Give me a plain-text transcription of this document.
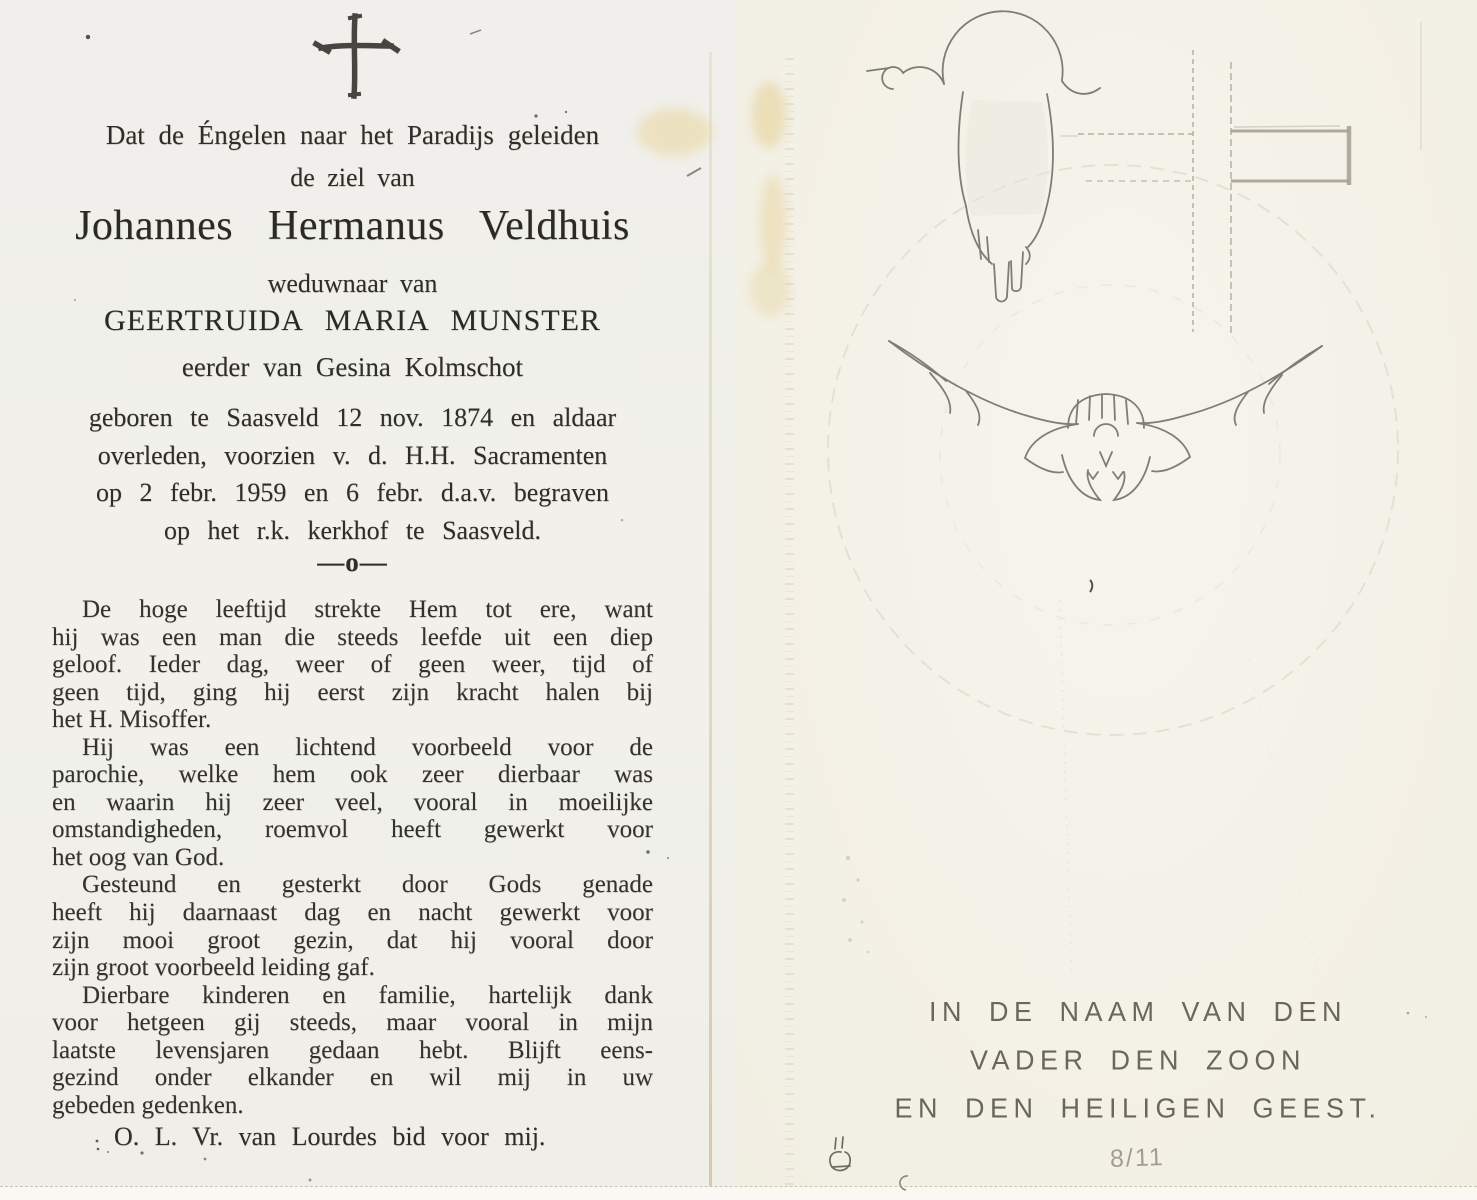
Dat de Éngelen naar het Paradijs geleiden
de ziel van
Johannes Hermanus Veldhuis
weduwnaar van
GEERTRUIDA MARIA MUNSTER
eerder van Gesina Kolmschot
geboren te Saasveld 12 nov. 1874 en aldaar
overleden, voorzien v. d. H.H. Sacramenten
op 2 febr. 1959 en 6 febr. d.a.v. begraven
op het r.k. kerkhof te Saasveld.
—o—
De hoge leeftijd strekte Hem tot ere, want
hij was een man die steeds leefde uit een diep
geloof. Ieder dag, weer of geen weer, tijd of
geen tijd, ging hij eerst zijn kracht halen bij
het H. Misoffer.
Hij was een lichtend voorbeeld voor de
parochie, welke hem ook zeer dierbaar was
en waarin hij zeer veel, vooral in moeilijke
omstandigheden, roemvol heeft gewerkt voor
het oog van God.
Gesteund en gesterkt door Gods genade
heeft hij daarnaast dag en nacht gewerkt voor
zijn mooi groot gezin, dat hij vooral door
zijn groot voorbeeld leiding gaf.
Dierbare kinderen en familie, hartelijk dank
voor hetgeen gij steeds, maar vooral in mijn
laatste levensjaren gedaan hebt. Blijft eens-
gezind onder elkander en wil mij in uw
gebeden gedenken.
O. L. Vr. van Lourdes bid voor mij.
IN DE NAAM VAN DEN
VADER DEN ZOON
EN DEN HEILIGEN GEEST.
8/11
